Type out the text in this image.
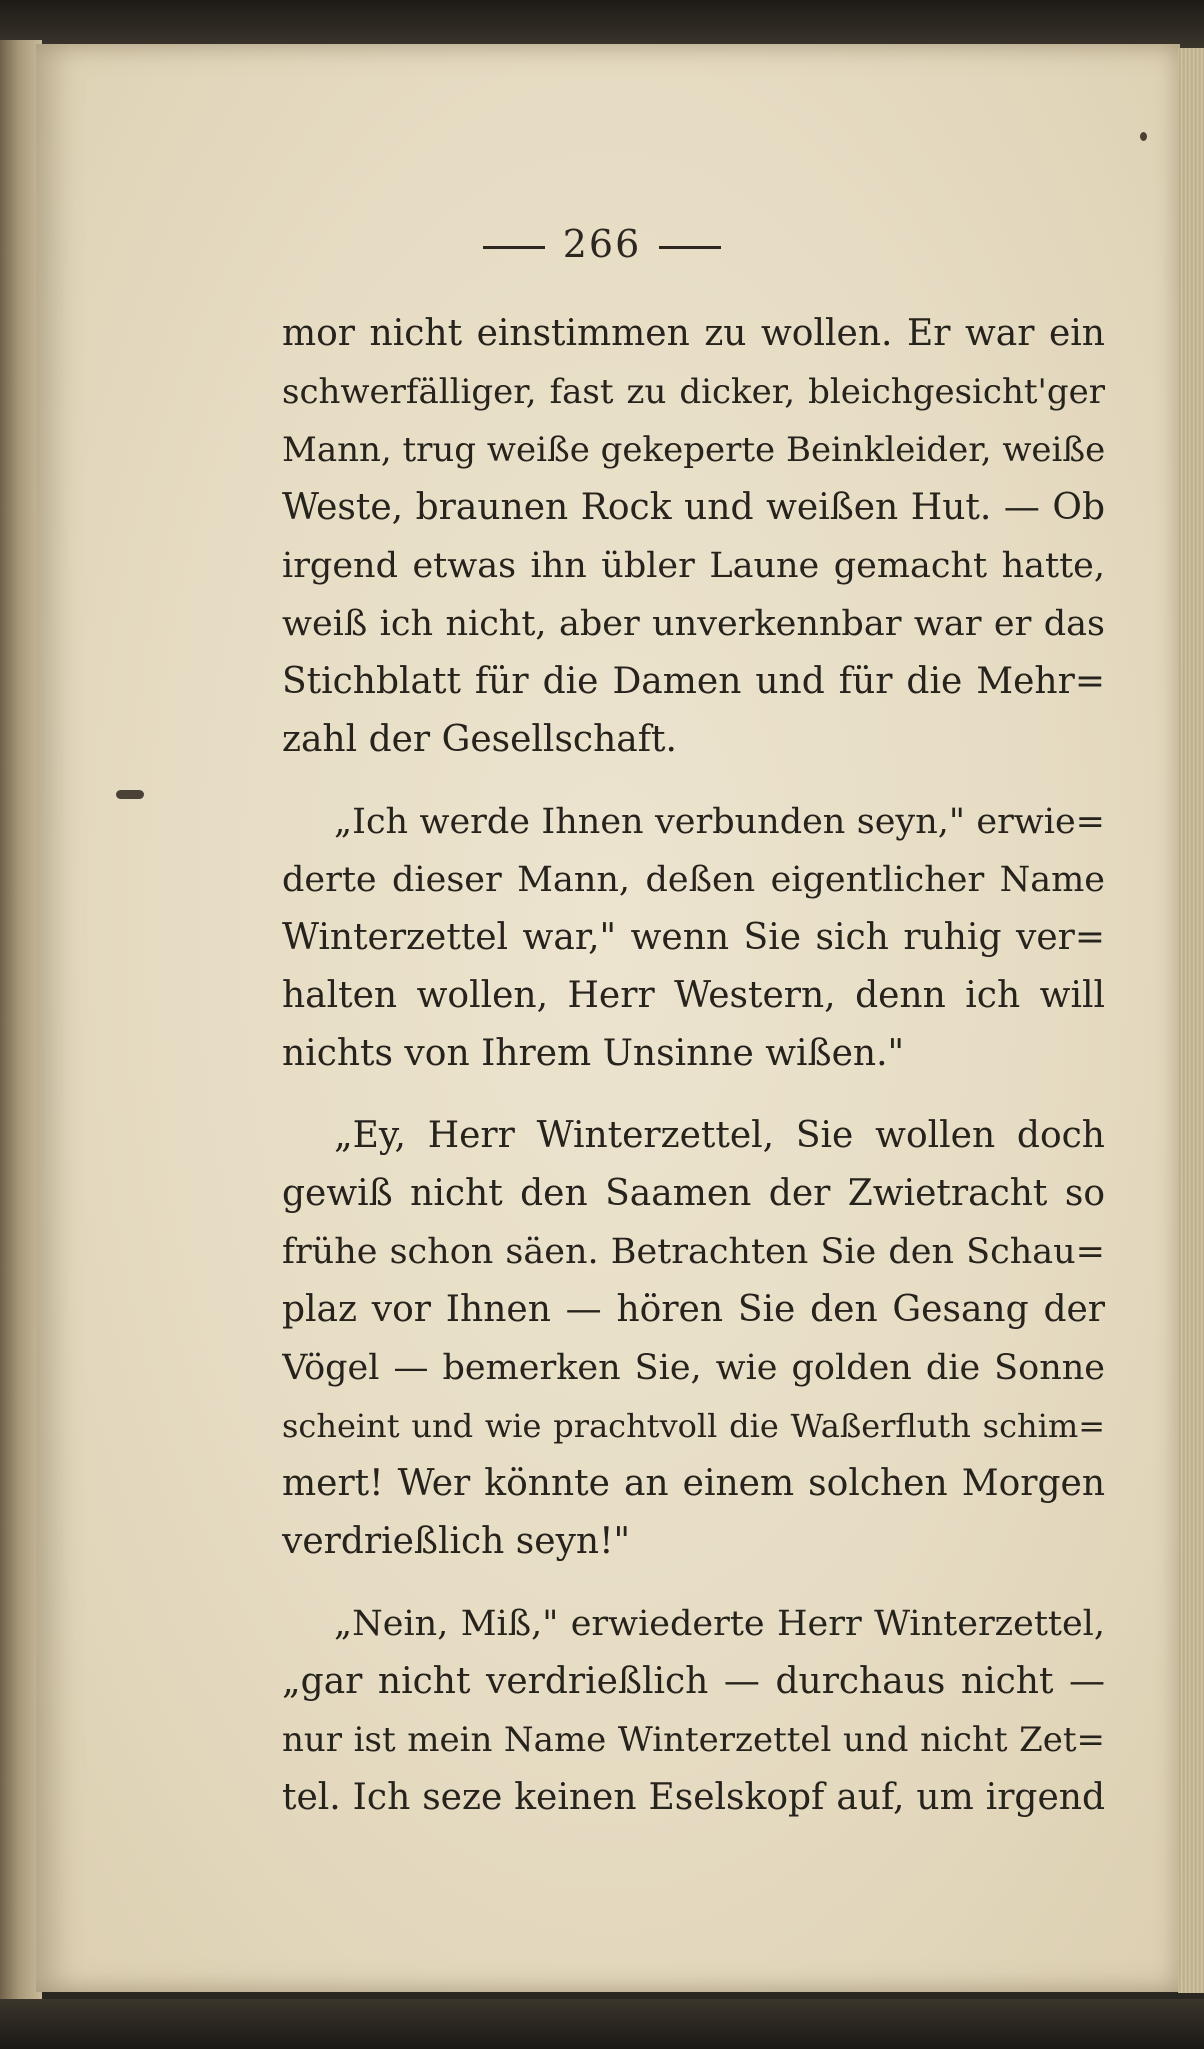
266
mor nicht einstimmen zu wollen. Er war ein
schwerfälliger, fast zu dicker, bleichgesicht'ger
Mann, trug weiße gekeperte Beinkleider, weiße
Weste, braunen Rock und weißen Hut. — Ob
irgend etwas ihn übler Laune gemacht hatte,
weiß ich nicht, aber unverkennbar war er das
Stichblatt für die Damen und für die Mehr=
zahl der Gesellschaft.
„Ich werde Ihnen verbunden seyn," erwie=
derte dieser Mann, deßen eigentlicher Name
Winterzettel war," wenn Sie sich ruhig ver=
halten wollen, Herr Western, denn ich will
nichts von Ihrem Unsinne wißen."
„Ey, Herr Winterzettel, Sie wollen doch
gewiß nicht den Saamen der Zwietracht so
frühe schon säen. Betrachten Sie den Schau=
plaz vor Ihnen — hören Sie den Gesang der
Vögel — bemerken Sie, wie golden die Sonne
scheint und wie prachtvoll die Waßerfluth schim=
mert! Wer könnte an einem solchen Morgen
verdrießlich seyn!"
„Nein, Miß," erwiederte Herr Winterzettel,
„gar nicht verdrießlich — durchaus nicht —
nur ist mein Name Winterzettel und nicht Zet=
tel. Ich seze keinen Eselskopf auf, um irgend
